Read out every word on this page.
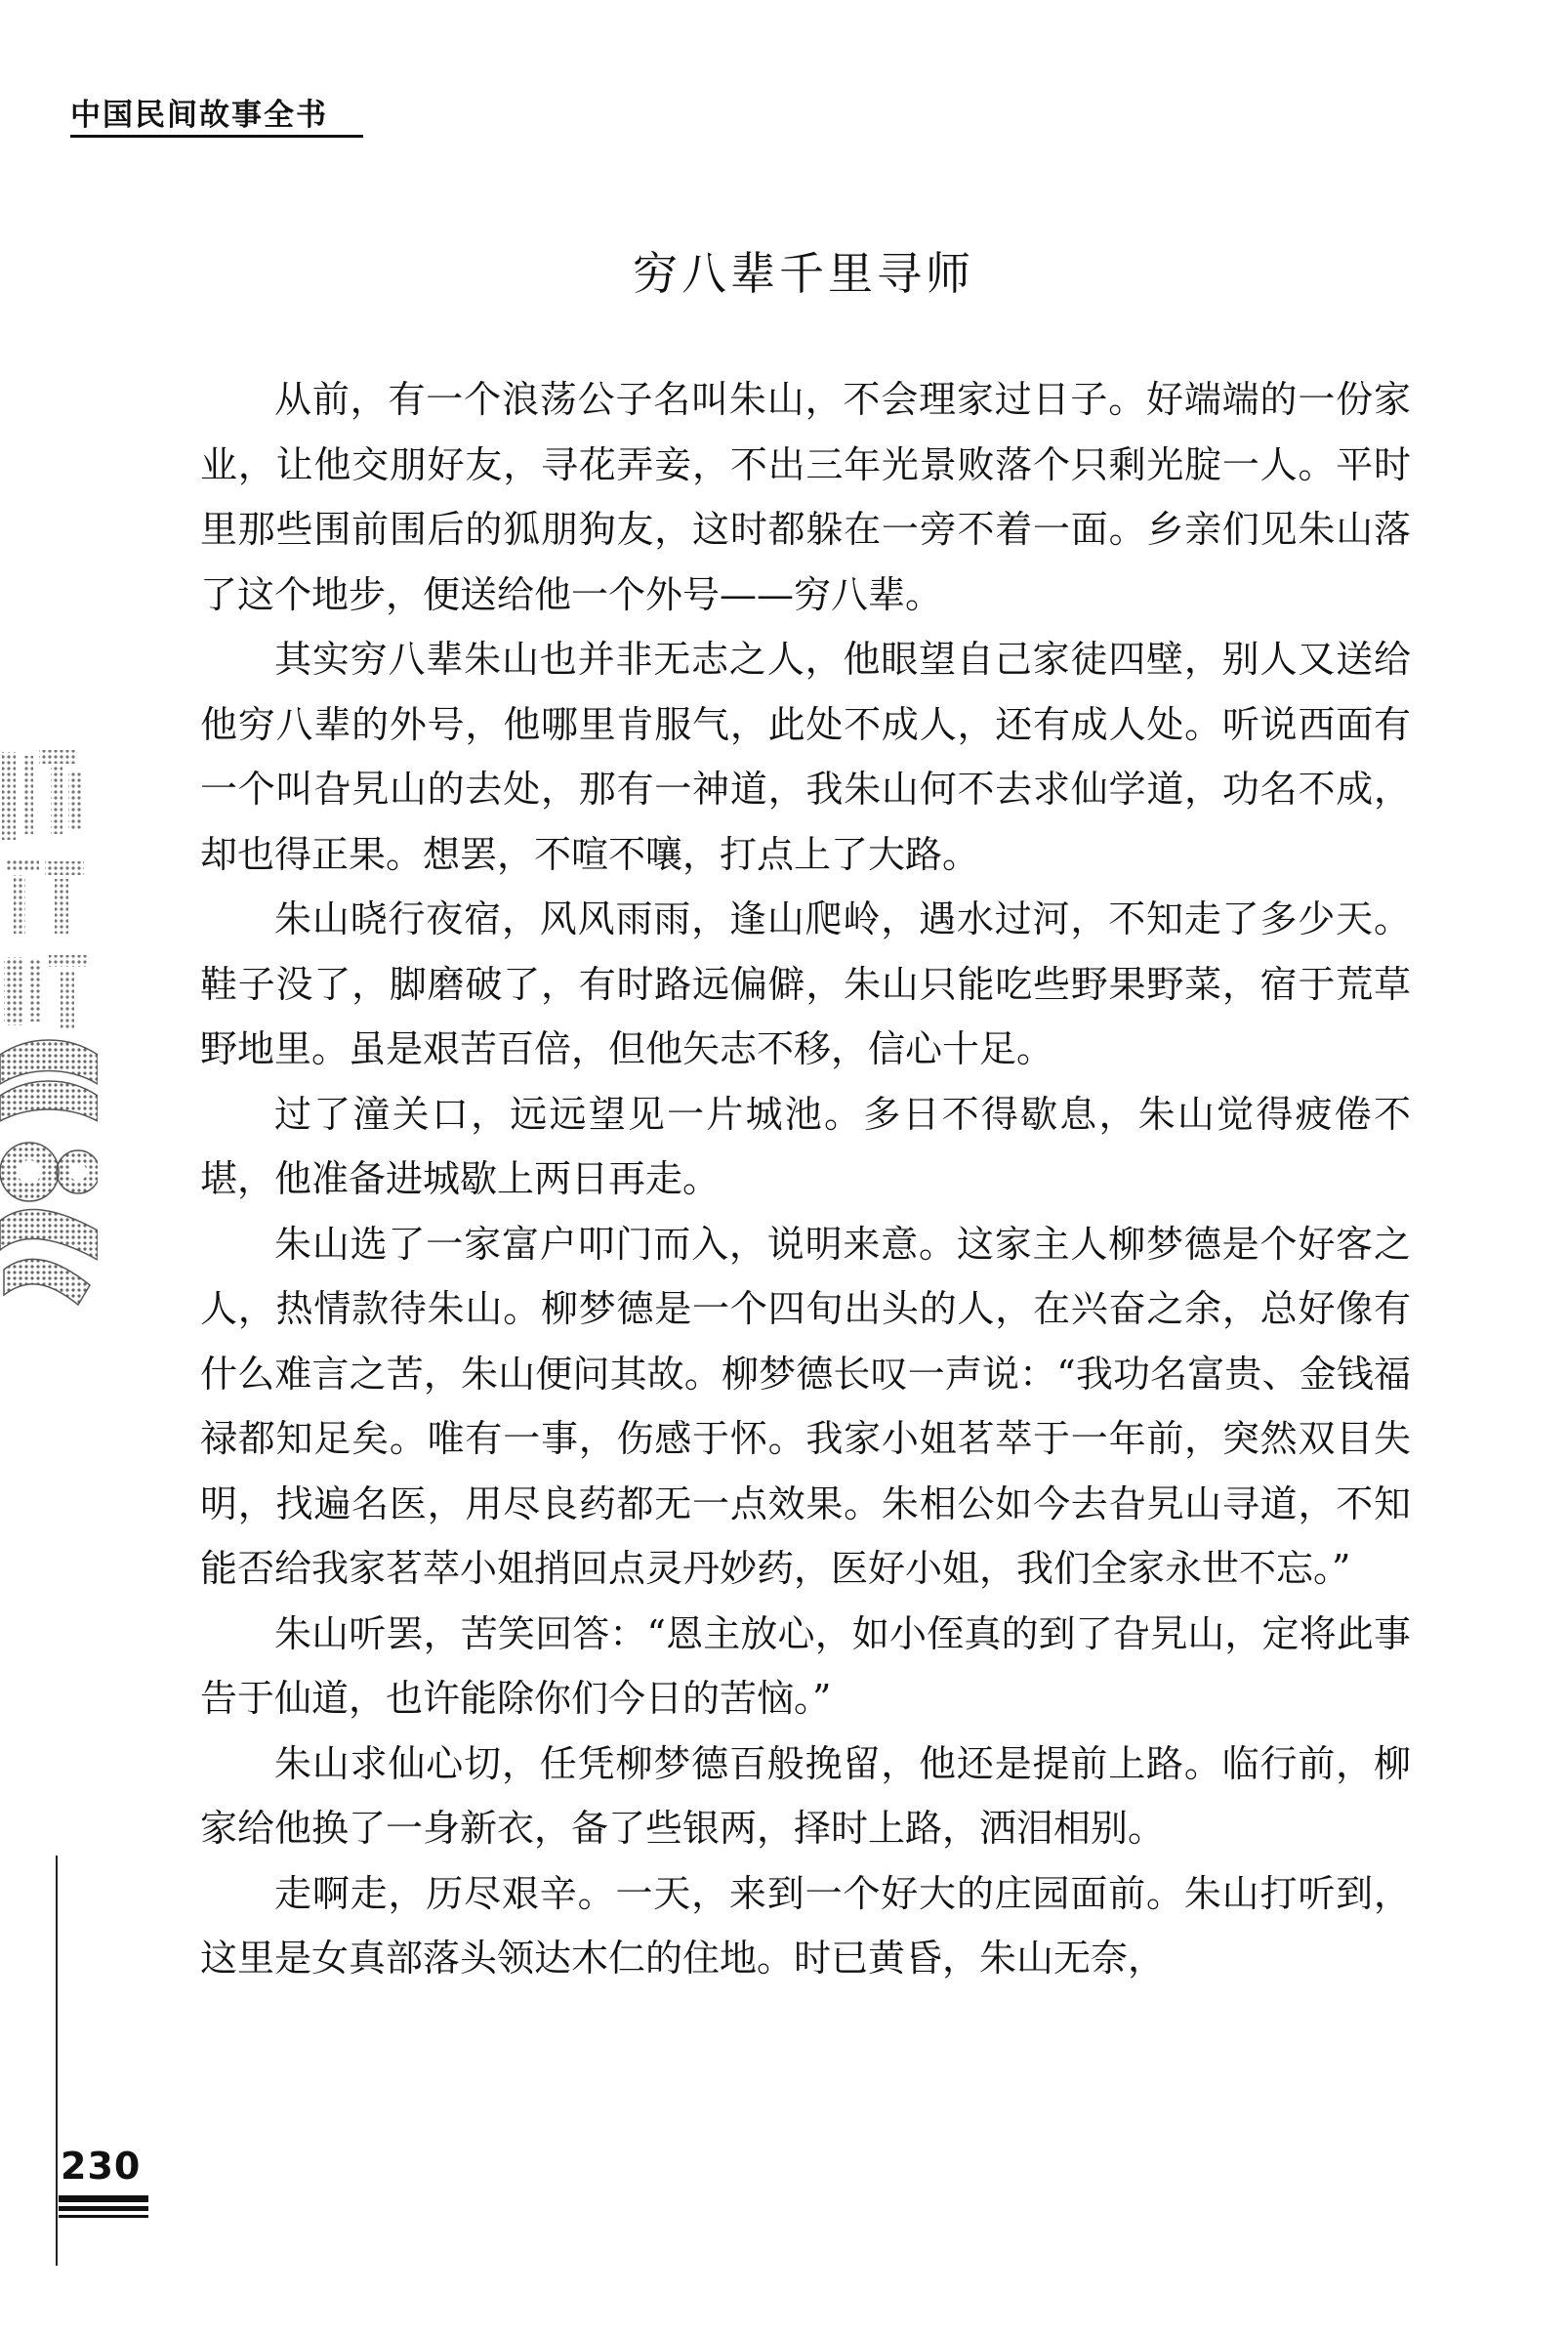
中国民间故事全书
穷八辈千里寻师

从前，有一个浪荡公子名叫朱山，不会理家过日子。好端端的一份家业，让他交朋好友，寻花弄妾，不出三年光景败落个只剩光腚一人。平时里那些围前围后的狐朋狗友，这时都躲在一旁不着一面。乡亲们见朱山落了这个地步，便送给他一个外号——穷八辈。

其实穷八辈朱山也并非无志之人，他眼望自己家徒四壁，别人又送给他穷八辈的外号，他哪里肯服气，此处不成人，还有成人处。听说西面有一个叫旮旯山的去处，那有一神道，我朱山何不去求仙学道，功名不成，却也得正果。想罢，不喧不嚷，打点上了大路。

朱山晓行夜宿，风风雨雨，逢山爬岭，遇水过河，不知走了多少天。鞋子没了，脚磨破了，有时路远偏僻，朱山只能吃些野果野菜，宿于荒草野地里。虽是艰苦百倍，但他矢志不移，信心十足。

过了潼关口，远远望见一片城池。多日不得歇息，朱山觉得疲倦不堪，他准备进城歇上两日再走。

朱山选了一家富户叩门而入，说明来意。这家主人柳梦德是个好客之人，热情款待朱山。柳梦德是一个四旬出头的人，在兴奋之余，总好像有什么难言之苦，朱山便问其故。柳梦德长叹一声说：“我功名富贵、金钱福禄都知足矣。唯有一事，伤感于怀。我家小姐茗萃于一年前，突然双目失明，找遍名医，用尽良药都无一点效果。朱相公如今去旮旯山寻道，不知能否给我家茗萃小姐捎回点灵丹妙药，医好小姐，我们全家永世不忘。”

朱山听罢，苦笑回答：“恩主放心，如小侄真的到了旮旯山，定将此事告于仙道，也许能除你们今日的苦恼。”

朱山求仙心切，任凭柳梦德百般挽留，他还是提前上路。临行前，柳家给他换了一身新衣，备了些银两，择时上路，洒泪相别。

走啊走，历尽艰辛。一天，来到一个好大的庄园面前。朱山打听到，这里是女真部落头领达木仁的住地。时已黄昏，朱山无奈，

230
